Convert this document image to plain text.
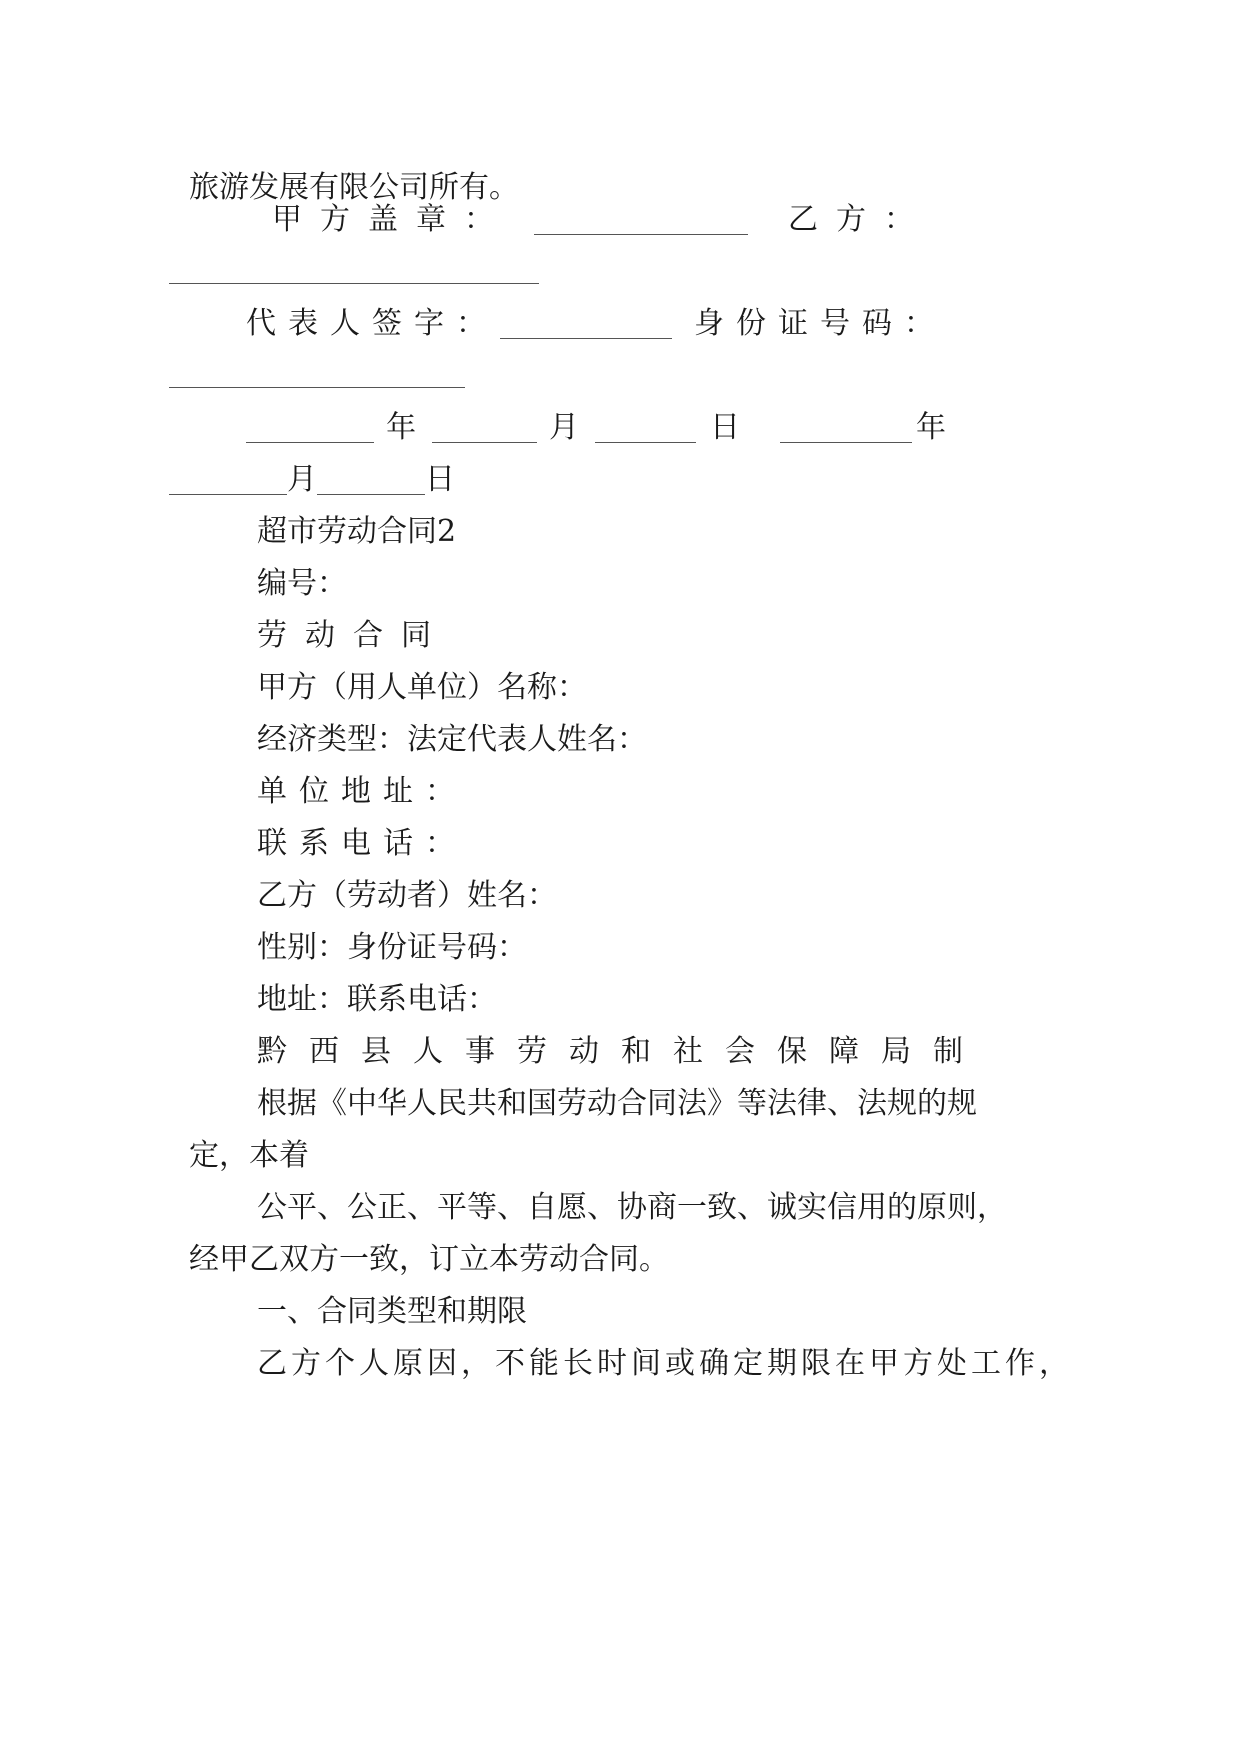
旅游发展有限公司所有。
甲方盖章：	乙方：
代表人签字：	身份证号码：
年	月	日	年
月	日
超市劳动合同2
编号：
劳动合同
甲方（用人单位）名称：
经济类型：法定代表人姓名：
单位地址：
联系电话：
乙方（劳动者）姓名：
性别：身份证号码：
地址：联系电话：
黔西县人事劳动和社会保障局制
根据《中华人民共和国劳动合同法》等法律、法规的规
定，本着
公平、公正、平等、自愿、协商一致、诚实信用的原则，
经甲乙双方一致，订立本劳动合同。
一、合同类型和期限
乙方个人原因，不能长时间或确定期限在甲方处工作，
